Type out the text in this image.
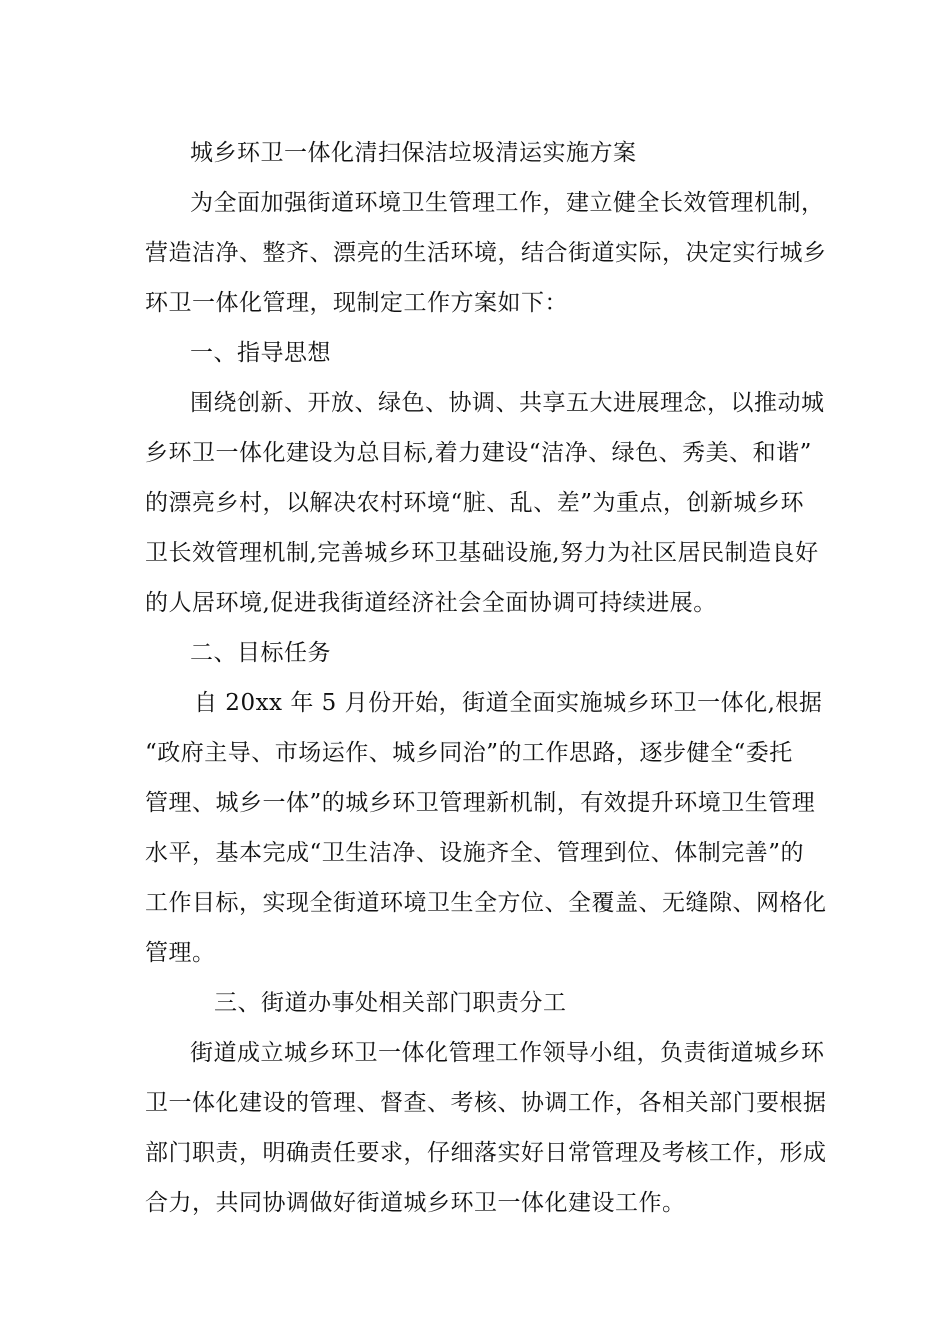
城乡环卫一体化清扫保洁垃圾清运实施方案
为全面加强街道环境卫生管理工作，建立健全长效管理机制，
营造洁净、整齐、漂亮的生活环境，结合街道实际，决定实行城乡
环卫一体化管理，现制定工作方案如下：
一、指导思想
围绕创新、开放、绿色、协调、共享五大进展理念，以推动城
乡环卫一体化建设为总目标,着力建设“洁净、绿色、秀美、和谐”
的漂亮乡村，以解决农村环境“脏、乱、差”为重点，创新城乡环
卫长效管理机制,完善城乡环卫基础设施,努力为社区居民制造良好
的人居环境,促进我街道经济社会全面协调可持续进展。
二、目标任务
自 20xx 年 5 月份开始，街道全面实施城乡环卫一体化,根据
“政府主导、市场运作、城乡同治”的工作思路，逐步健全“委托
管理、城乡一体”的城乡环卫管理新机制，有效提升环境卫生管理
水平，基本完成“卫生洁净、设施齐全、管理到位、体制完善”的
工作目标，实现全街道环境卫生全方位、全覆盖、无缝隙、网格化
管理。
三、街道办事处相关部门职责分工
街道成立城乡环卫一体化管理工作领导小组，负责街道城乡环
卫一体化建设的管理、督查、考核、协调工作，各相关部门要根据
部门职责，明确责任要求，仔细落实好日常管理及考核工作，形成
合力，共同协调做好街道城乡环卫一体化建设工作。
